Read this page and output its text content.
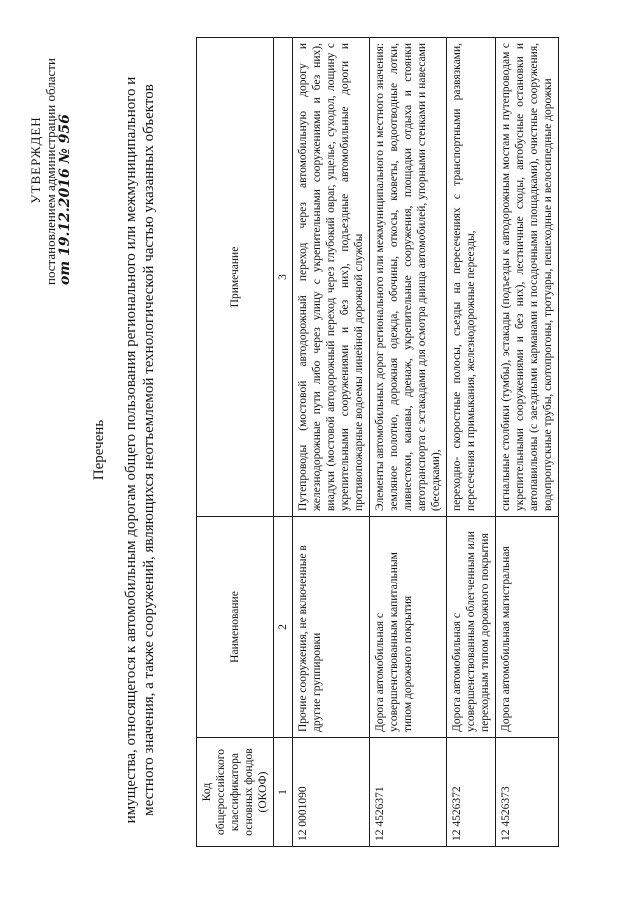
УТВЕРЖДЕН постановлением администрации области от 19.12.2016 № 956
Перечень имущества, относящегося к автомобильным дорогам общего пользования регионального или межмуниципального и местного значения, а также сооружений, являющихся неотъемлемой технологической частью указанных объектов	Код общероссийского классификатора основных фондов (ОКОФ)	Наименование	Примечание
1	2	3
12 0001090	Прочие сооружения, не включенные в другие группировки	Путепроводы (мостовой автодорожный переход через автомобильную дорогу и железнодорожные пути либо через улицу с укрепительными сооружениями и без них), виадуки (мостовой автодорожный переход через глубокий овраг, ущелье, суходол, лощину с укрепительными сооружениями и без них), подъездные автомобильные дороги и противопожарные водоемы линейной дорожной службы
12 4526371	Дорога автомобильная с усовершенствованным капитальным типом дорожного покрытия	Элементы автомобильных дорог регионального или межмуниципального и местного значения: земляное полотно, дорожная одежда, обочины, откосы, кюветы, водоотводные лотки, ливнестоки, канавы, дренаж, укрепительные сооружения, площадки отдыха и стоянки автотранспорта с эстакадами для осмотра днища автомобилей, упорными стенками и навесами (беседками),
12 4526372	Дорога автомобильная с усовершенствованным облегченным или переходным типом дорожного покрытия	переходно- скоростные полосы, съезды на пересечениях с транспортными развязками, пересечения и примыкания, железнодорожные переезды,
12 4526373	Дорога автомобильная магистральная	сигнальные столбики (тумбы), эстакады (подъезды к автодорожным мостам и путепроводам с укрепительными сооружениями и без них), лестничные сходы, автобусные остановки и автопавильоны (с заездными карманами и посадочными площадками), очистные сооружения, водопропускные трубы, скотопрогоны, тротуары, пешеходные и велосипедные дорожки
